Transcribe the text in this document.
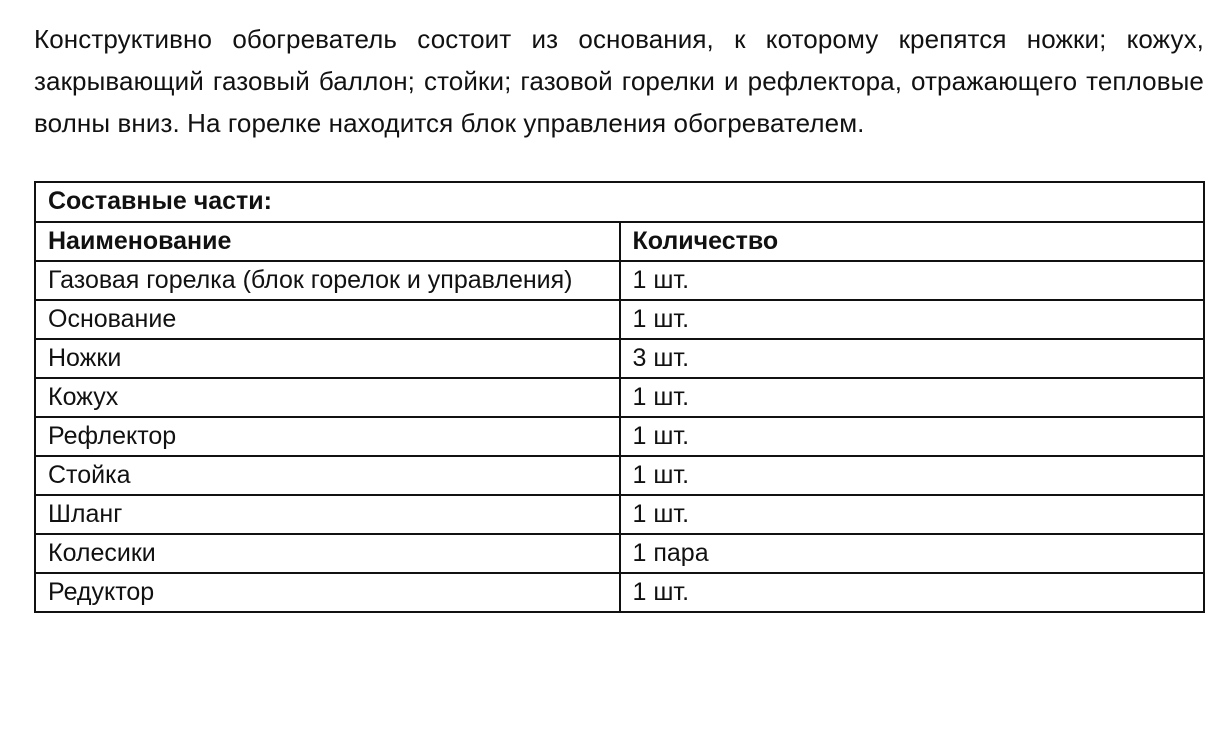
Конструктивно обогреватель состоит из основания, к которому крепятся ножки; кожух, закрывающий газовый баллон; стойки; газовой горелки и рефлектора, отражающего тепловые волны вниз. На горелке находится блок управления обогревателем.

Составные части:	
Наименование	Количество
Газовая горелка (блок горелок и управления)	1 шт.
Основание	1 шт.
Ножки	3 шт.
Кожух	1 шт.
Рефлектор	1 шт.
Стойка	1 шт.
Шланг	1 шт.
Колесики	1 пара
Редуктор	1 шт.
